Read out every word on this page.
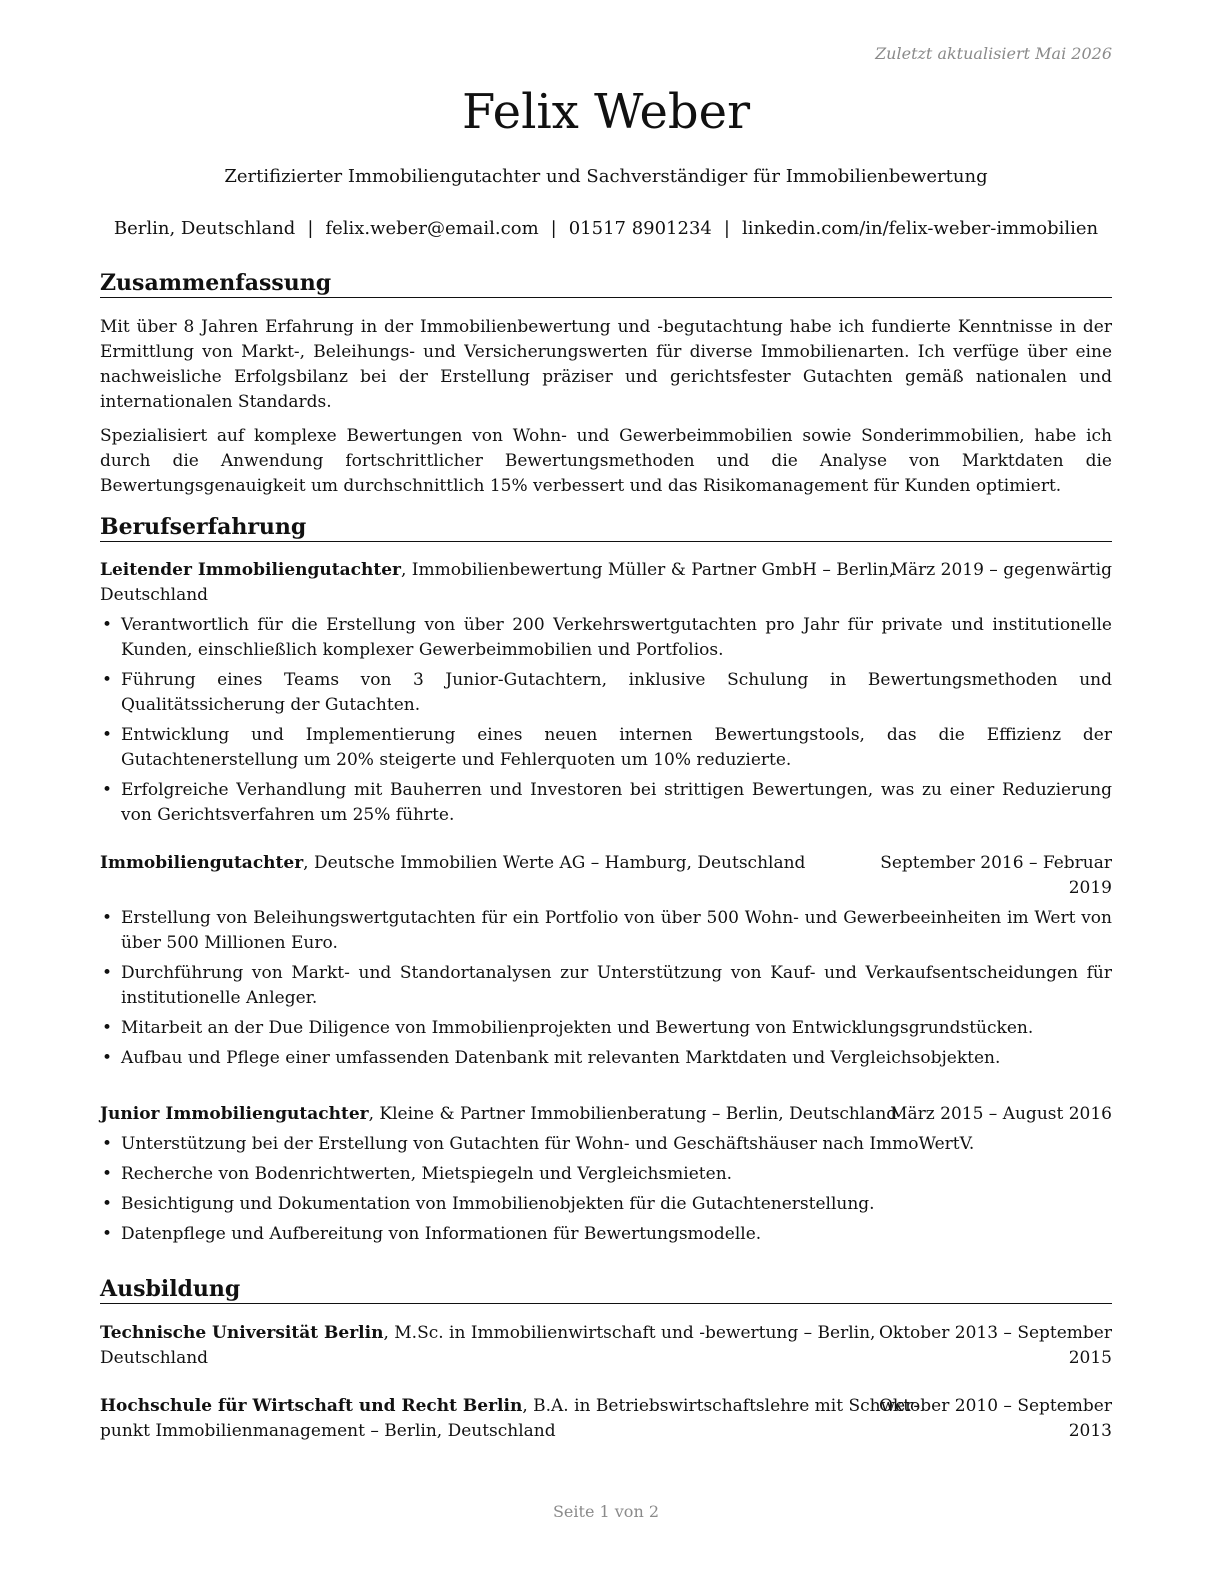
Zuletzt aktualisiert Mai 2026
Felix Weber
Zertifizierter Immobiliengutachter und Sachverständiger für Immobilienbewertung
Berlin, Deutschland | felix.weber@email.com | 01517 8901234 | linkedin.com/in/felix-weber-immobilien
Zusammenfassung
Mit über 8 Jahren Erfahrung in der Immobilienbewertung und -begutachtung habe ich fundierte Kenntnisse in der Ermittlung von Markt-, Beleihungs- und Versicherungswerten für diverse Immobilienarten. Ich verfüge über eine nachweisliche Erfolgsbilanz bei der Erstellung präziser und gerichtsfester Gutachten gemäß nationalen und internationalen Standards.
Spezialisiert auf komplexe Bewertungen von Wohn- und Gewerbeimmobilien sowie Sonderimmobilien, habe ich durch die Anwendung fortschrittlicher Bewertungsmethoden und die Analyse von Marktdaten die Bewertungsgenauigkeit um durchschnittlich 15% verbessert und das Risikomanagement für Kunden optimiert.
Berufserfahrung
Leitender Immobiliengutachter, Immobilienbewertung Müller & Partner GmbH – Berlin,
Deutschland
März 2019 – gegenwärtig
• Verantwortlich für die Erstellung von über 200 Verkehrswertgutachten pro Jahr für private und institutionelle Kunden, einschließlich komplexer Gewerbeimmobilien und Portfolios.
• Führung eines Teams von 3 Junior-Gutachtern, inklusive Schulung in Bewertungsmethoden und Qualitätssicherung der Gutachten.
• Entwicklung und Implementierung eines neuen internen Bewertungstools, das die Effizienz der Gutachtenerstellung um 20% steigerte und Fehlerquoten um 10% reduzierte.
• Erfolgreiche Verhandlung mit Bauherren und Investoren bei strittigen Bewertungen, was zu einer Reduzierung von Gerichtsverfahren um 25% führte.
Immobiliengutachter, Deutsche Immobilien Werte AG – Hamburg, Deutschland	September 2016 – Februar
2019
• Erstellung von Beleihungswertgutachten für ein Portfolio von über 500 Wohn- und Gewerbeeinheiten im Wert von über 500 Millionen Euro.
• Durchführung von Markt- und Standortanalysen zur Unterstützung von Kauf- und Verkaufsentscheidungen für institutionelle Anleger.
• Mitarbeit an der Due Diligence von Immobilienprojekten und Bewertung von Entwicklungsgrundstücken.
• Aufbau und Pflege einer umfassenden Datenbank mit relevanten Marktdaten und Vergleichsobjekten.
Junior Immobiliengutachter, Kleine & Partner Immobilienberatung – Berlin, Deutschland
März 2015 – August 2016
• Unterstützung bei der Erstellung von Gutachten für Wohn- und Geschäftshäuser nach ImmoWertV.
• Recherche von Bodenrichtwerten, Mietspiegeln und Vergleichsmieten.
• Besichtigung und Dokumentation von Immobilienobjekten für die Gutachtenerstellung.
• Datenpflege und Aufbereitung von Informationen für Bewertungsmodelle.
Ausbildung
Technische Universität Berlin, M.Sc. in Immobilienwirtschaft und -bewertung – Berlin,
Deutschland
Oktober 2013 – September
2015
Hochschule für Wirtschaft und Recht Berlin, B.A. in Betriebswirtschaftslehre mit Schwer-
punkt Immobilienmanagement – Berlin, Deutschland
Oktober 2010 – September
2013
Seite 1 von 2
